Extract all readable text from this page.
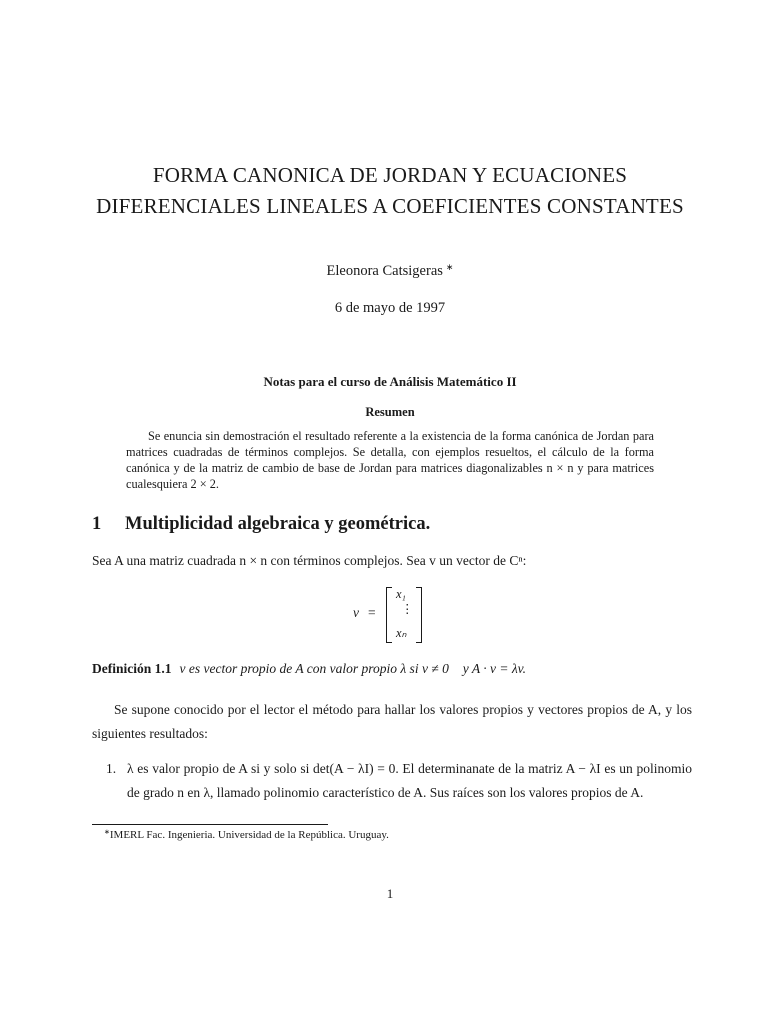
FORMA CANONICA DE JORDAN Y ECUACIONES DIFERENCIALES LINEALES A COEFICIENTES CONSTANTES
Eleonora Catsigeras ∗
6 de mayo de 1997
Notas para el curso de Análisis Matemático II
Resumen
Se enuncia sin demostración el resultado referente a la existencia de la forma canónica de Jordan para matrices cuadradas de términos complejos. Se detalla, con ejemplos resueltos, el cálculo de la forma canónica y de la matriz de cambio de base de Jordan para matrices diagonalizables n × n y para matrices cualesquiera 2 × 2.
1 Multiplicidad algebraica y geométrica.
Sea A una matriz cuadrada n × n con términos complejos. Sea v un vector de Cⁿ:
v =
x₁
⋮
xₙ
Definición 1.1 v es vector propio de A con valor propio λ si v ≠ 0⃗ y A · v = λv.
Se supone conocido por el lector el método para hallar los valores propios y vectores propios de A, y los siguientes resultados:
1. λ es valor propio de A si y solo si det(A − λI) = 0. El determinanate de la matriz A − λI es un polinomio de grado n en λ, llamado polinomio característico de A. Sus raíces son los valores propios de A.
∗IMERL Fac. Ingenieria. Universidad de la República. Uruguay.
1
